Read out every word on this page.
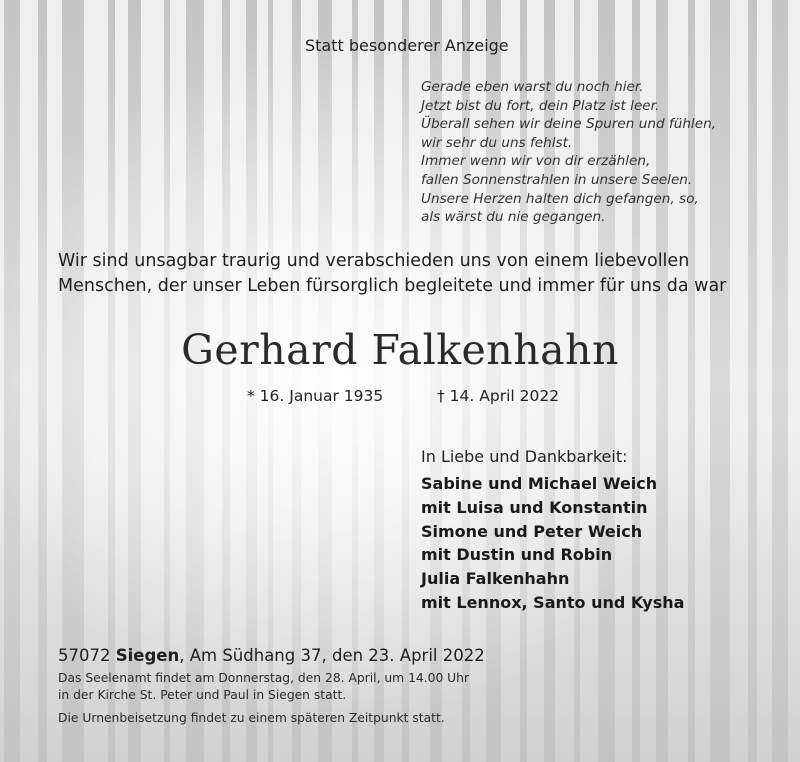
Statt besonderer Anzeige
Gerade eben warst du noch hier.
Jetzt bist du fort, dein Platz ist leer.
Überall sehen wir deine Spuren und fühlen,
wir sehr du uns fehlst.
Immer wenn wir von dir erzählen,
fallen Sonnenstrahlen in unsere Seelen.
Unsere Herzen halten dich gefangen, so,
als wärst du nie gegangen.
Wir sind unsagbar traurig und verabschieden uns von einem liebevollen
Menschen, der unser Leben fürsorglich begleitete und immer für uns da war
Gerhard Falkenhahn
* 16. Januar 1935	† 14. April 2022
In Liebe und Dankbarkeit:
Sabine und Michael Weich
mit Luisa und Konstantin
Simone und Peter Weich
mit Dustin und Robin
Julia Falkenhahn
mit Lennox, Santo und Kysha
57072 Siegen, Am Südhang 37, den 23. April 2022
Das Seelenamt findet am Donnerstag, den 28. April, um 14.00 Uhr
in der Kirche St. Peter und Paul in Siegen statt.
Die Urnenbeisetzung findet zu einem späteren Zeitpunkt statt.
